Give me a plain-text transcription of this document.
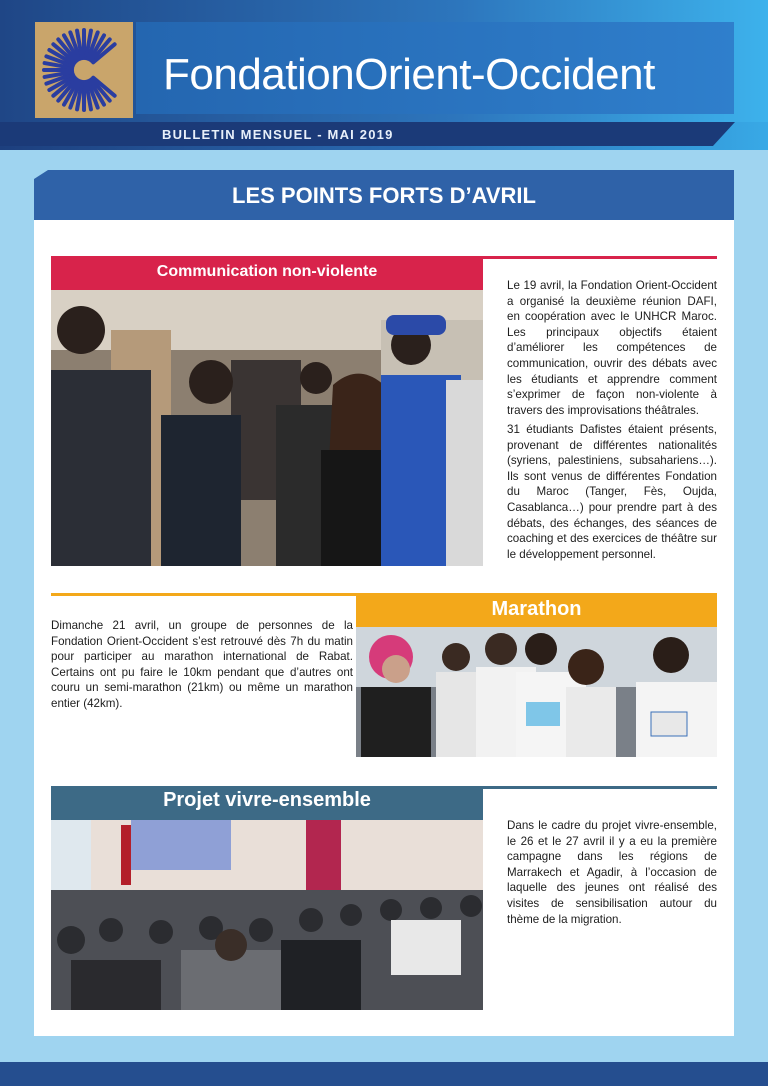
FondationOrient-Occident

BULLETIN MENSUEL - MAI 2019

LES POINTS FORTS D’AVRIL
Communication non-violente

Le 19 avril, la Fondation Orient-Occident a organisé la deuxième réunion DAFI, en coopération avec le UNHCR Maroc. Les principaux objectifs étaient d’améliorer les compétences de communication, ouvrir des débats avec les étudiants et apprendre comment s’exprimer de façon non-violente à travers des improvisations théâtrales.

31 étudiants Dafistes étaient présents, provenant de différentes nationalités (syriens, palestiniens, subsahariens…). Ils sont venus de différentes Fondation du Maroc (Tanger, Fès, Oujda, Casablanca…) pour prendre part à des débats, des échanges, des séances de coaching et des exercices de théâtre sur le développement personnel.

Marathon

Dimanche 21 avril, un groupe de personnes de la Fondation Orient-Occident s’est retrouvé dès 7h du matin pour participer au marathon international de Rabat. Certains ont pu faire le 10km pendant que d’autres ont couru un semi-marathon (21km) ou même un marathon entier (42km).

Projet vivre-ensemble

Dans le cadre du projet vivre-ensemble, le 26 et le 27 avril il y a eu la première campagne dans les régions de Marrakech et Agadir, à l’occasion de laquelle des jeunes ont réalisé des visites de sensibilisation autour du thème de la migration.
